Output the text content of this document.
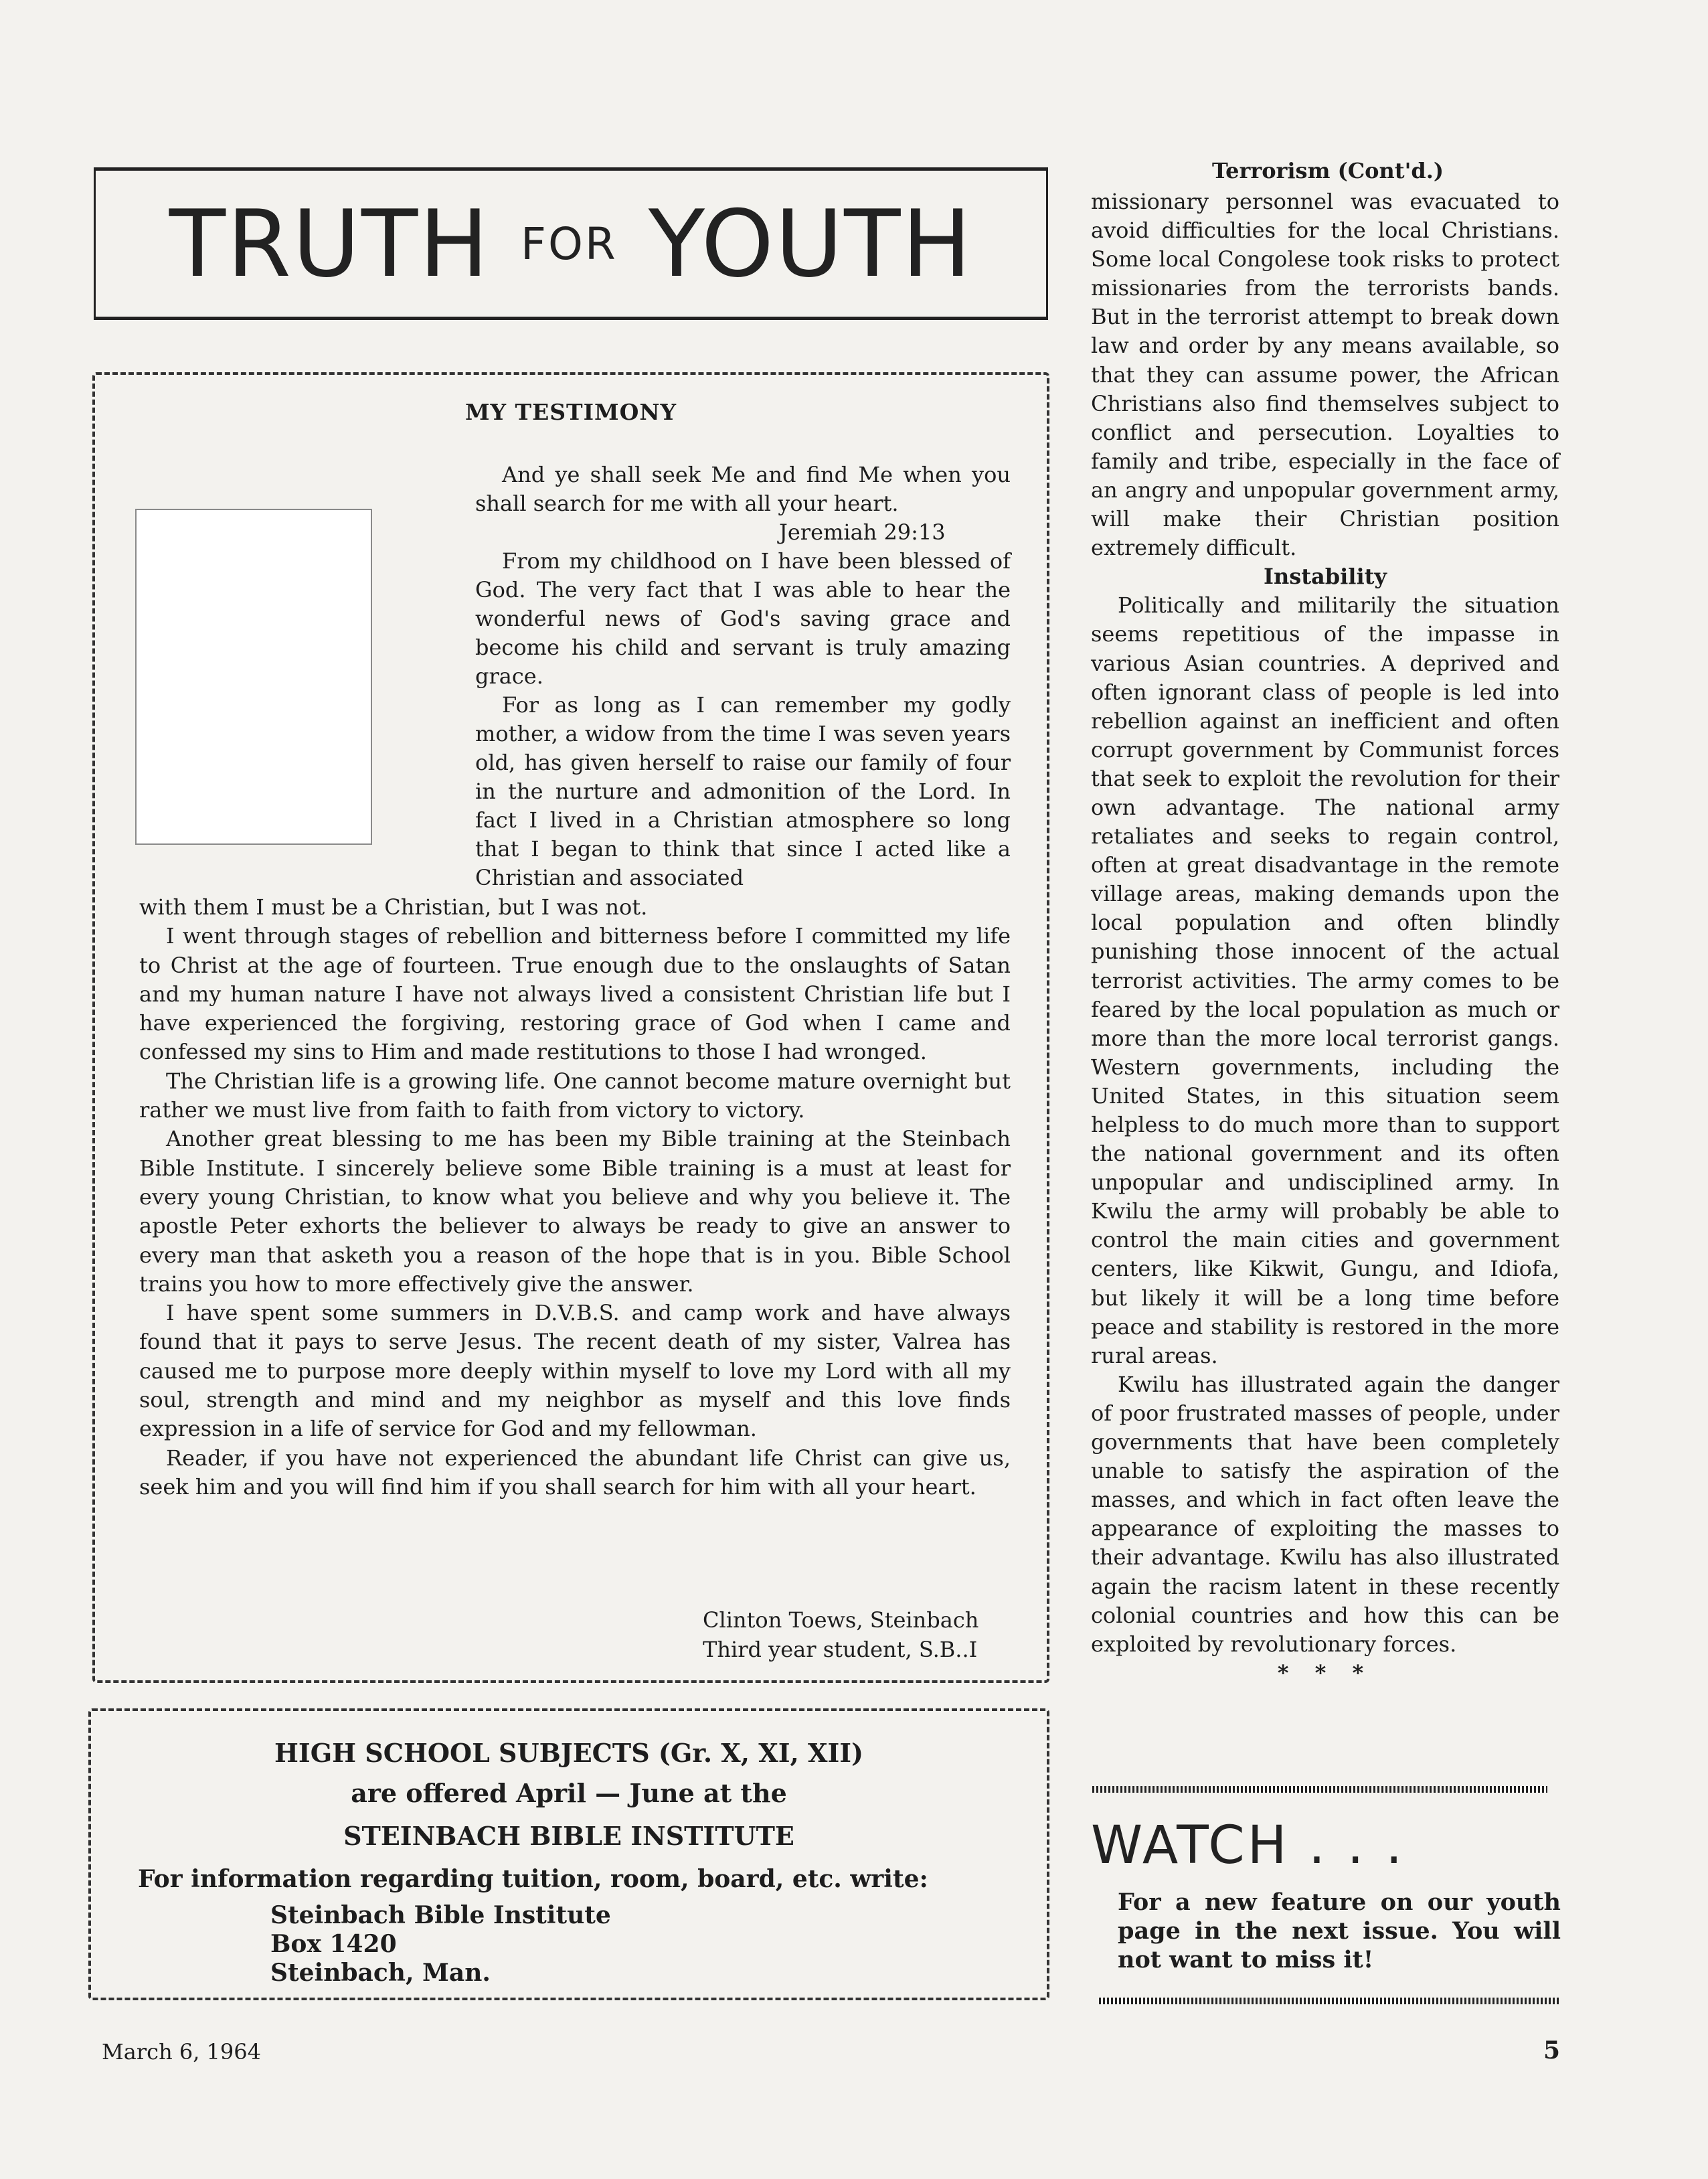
TRUTH FOR YOUTH
MY TESTIMONY

And ye shall seek Me and find Me when you shall search for me with all your heart.

Jeremiah 29:13

From my childhood on I have been blessed of God. The very fact that I was able to hear the wonderful news of God's saving grace and become his child and servant is truly amazing grace.

For as long as I can remember my godly mother, a widow from the time I was seven years old, has given herself to raise our family of four in the nurture and admonition of the Lord. In fact I lived in a Christian atmosphere so long that I began to think that since I acted like a Christian and associated

with them I must be a Christian, but I was not.

I went through stages of rebellion and bitterness before I committed my life to Christ at the age of fourteen. True enough due to the onslaughts of Satan and my human nature I have not always lived a consistent Christian life but I have experienced the forgiving, restoring grace of God when I came and confessed my sins to Him and made restitutions to those I had wronged.

The Christian life is a growing life. One cannot become mature overnight but rather we must live from faith to faith from victory to victory.

Another great blessing to me has been my Bible training at the Steinbach Bible Institute. I sincerely believe some Bible training is a must at least for every young Christian, to know what you believe and why you believe it. The apostle Peter exhorts the believer to always be ready to give an answer to every man that asketh you a reason of the hope that is in you. Bible School trains you how to more effectively give the answer.

I have spent some summers in D.V.B.S. and camp work and have always found that it pays to serve Jesus. The recent death of my sister, Valrea has caused me to purpose more deeply within myself to love my Lord with all my soul, strength and mind and my neighbor as myself and this love finds expression in a life of service for God and my fellowman.

Reader, if you have not experienced the abundant life Christ can give us, seek him and you will find him if you shall search for him with all your heart.

Clinton Toews, Steinbach
Third year student, S.B..I
HIGH SCHOOL SUBJECTS (Gr. X, XI, XII)
are offered April — June at the
STEINBACH BIBLE INSTITUTE
For information regarding tuition, room, board, etc. write:
Steinbach Bible Institute
Box 1420
Steinbach, Man.
Terrorism (Cont'd.)

missionary personnel was evacuated to avoid difficulties for the local Christians. Some local Congolese took risks to protect missionaries from the terrorists bands. But in the terrorist attempt to break down law and order by any means available, so that they can assume power, the African Christians also find themselves subject to conflict and persecution. Loyalties to family and tribe, especially in the face of an angry and unpopular government army, will make their Christian position extremely difficult.

Instability

Politically and militarily the situation seems repetitious of the impasse in various Asian countries. A deprived and often ignorant class of people is led into rebellion against an inefficient and often corrupt government by Communist forces that seek to exploit the revolution for their own advantage. The national army retaliates and seeks to regain control, often at great disadvantage in the remote village areas, making demands upon the local population and often blindly punishing those innocent of the actual terrorist activities. The army comes to be feared by the local population as much or more than the more local terrorist gangs. Western governments, including the United States, in this situation seem helpless to do much more than to support the national government and its often unpopular and undisciplined army. In Kwilu the army will probably be able to control the main cities and government centers, like Kikwit, Gungu, and Idiofa, but likely it will be a long time before peace and stability is restored in the more rural areas.

Kwilu has illustrated again the danger of poor frustrated masses of people, under governments that have been completely unable to satisfy the aspiration of the masses, and which in fact often leave the appearance of exploiting the masses to their advantage. Kwilu has also illustrated again the racism latent in these recently colonial countries and how this can be exploited by revolutionary forces.

* * *

WATCH . . .
For a new feature on our youth page in the next issue. You will not want to miss it!
March 6, 1964	5
